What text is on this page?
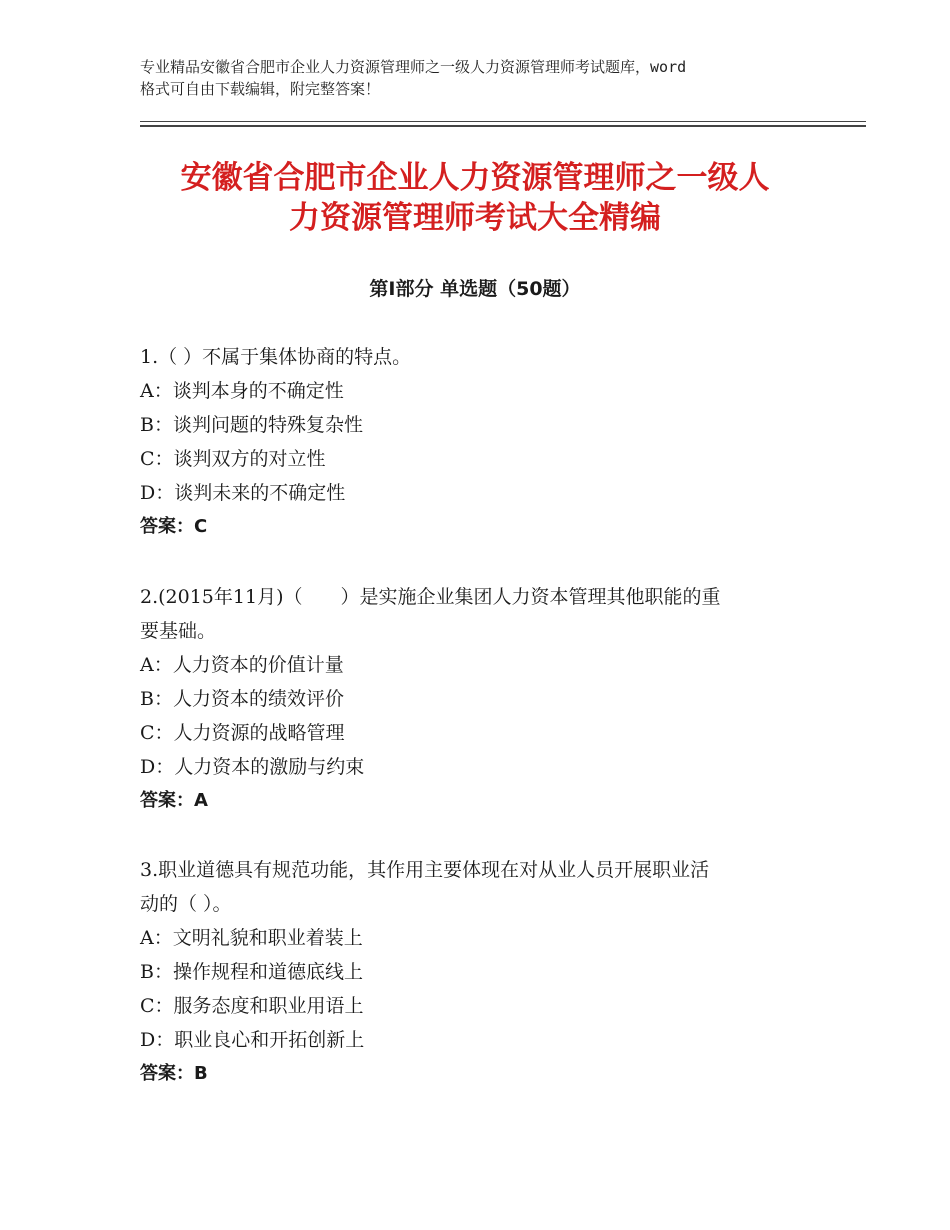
专业精品安徽省合肥市企业人力资源管理师之一级人力资源管理师考试题库，word
格式可自由下载编辑，附完整答案！
安徽省合肥市企业人力资源管理师之一级人
力资源管理师考试大全精编
第Ⅰ部分 单选题（50题）
1.（ ）不属于集体协商的特点。
A：谈判本身的不确定性
B：谈判问题的特殊复杂性
C：谈判双方的对立性
D：谈判未来的不确定性
答案：C
2.(2015年11月)（　　）是实施企业集团人力资本管理其他职能的重
要基础。
A：人力资本的价值计量
B：人力资本的绩效评价
C：人力资源的战略管理
D：人力资本的激励与约束
答案：A
3.职业道德具有规范功能，其作用主要体现在对从业人员开展职业活
动的（ ）。
A：文明礼貌和职业着装上
B：操作规程和道德底线上
C：服务态度和职业用语上
D：职业良心和开拓创新上
答案：B
